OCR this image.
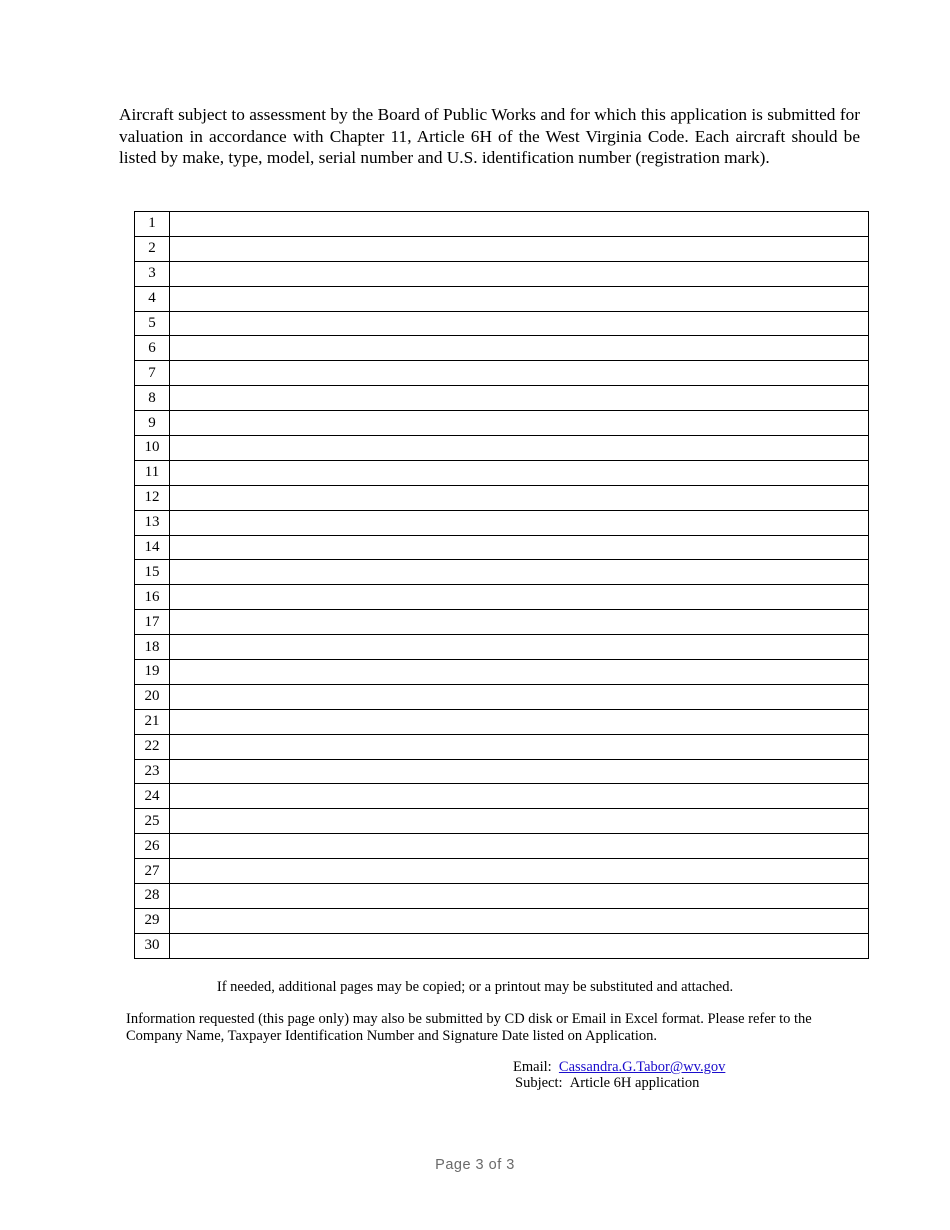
Aircraft subject to assessment by the Board of Public Works and for which this application is submitted for valuation in accordance with Chapter 11, Article 6H of the West Virginia Code. Each aircraft should be listed by make, type, model, serial number and U.S. identification number (registration mark).

1	
2	
3	
4	
5	
6	
7	
8	
9	
10	
11	
12	
13	
14	
15	
16	
17	
18	
19	
20	
21	
22	
23	
24	
25	
26	
27	
28	
29	
30	

If needed, additional pages may be copied; or a printout may be substituted and attached.

Information requested (this page only) may also be submitted by CD disk or Email in Excel format. Please refer to the Company Name, Taxpayer Identification Number and Signature Date listed on Application.

Email: Cassandra.G.Tabor@wv.gov

Subject: Article 6H application

Page 3 of 3
